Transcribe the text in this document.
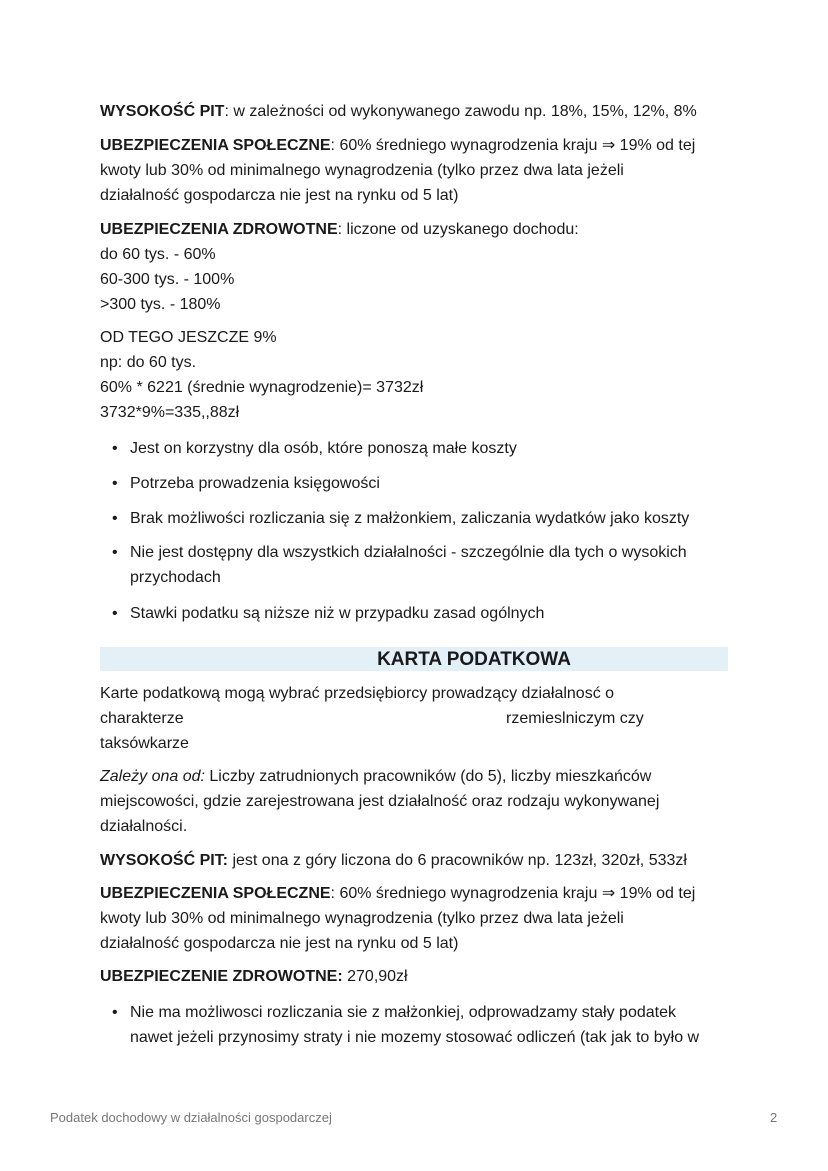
WYSOKOŚĆ PIT: w zależności od wykonywanego zawodu np. 18%, 15%, 12%, 8%
UBEZPIECZENIA SPOŁECZNE: 60% średniego wynagrodzenia kraju ⇒ 19% od tej
kwoty lub 30% od minimalnego wynagrodzenia (tylko przez dwa lata jeżeli
działalność gospodarcza nie jest na rynku od 5 lat)
UBEZPIECZENIA ZDROWOTNE: liczone od uzyskanego dochodu:
do 60 tys. - 60%
60-300 tys. - 100%
>300 tys. - 180%
OD TEGO JESZCZE 9%
np: do 60 tys.
60% * 6221 (średnie wynagrodzenie)= 3732zł
3732*9%=335,,88zł
• Jest on korzystny dla osób, które ponoszą małe koszty
• Potrzeba prowadzenia księgowości
• Brak możliwości rozliczania się z małżonkiem, zaliczania wydatków jako koszty
• Nie jest dostępny dla wszystkich działalności - szczególnie dla tych o wysokich
przychodach
• Stawki podatku są niższe niż w przypadku zasad ogólnych
KARTA PODATKOWA
Karte podatkową mogą wybrać przedsiębiorcy prowadzący działalnosć o
charakterze	rzemieslniczym czy
taksówkarze
Zależy ona od: Liczby zatrudnionych pracowników (do 5), liczby mieszkańców
miejscowości, gdzie zarejestrowana jest działalność oraz rodzaju wykonywanej
działalności.
WYSOKOŚĆ PIT: jest ona z góry liczona do 6 pracowników np. 123zł, 320zł, 533zł
UBEZPIECZENIA SPOŁECZNE: 60% średniego wynagrodzenia kraju ⇒ 19% od tej
kwoty lub 30% od minimalnego wynagrodzenia (tylko przez dwa lata jeżeli
działalność gospodarcza nie jest na rynku od 5 lat)
UBEZPIECZENIE ZDROWOTNE: 270,90zł
• Nie ma możliwosci rozliczania sie z małżonkiej, odprowadzamy stały podatek
nawet jeżeli przynosimy straty i nie mozemy stosować odliczeń (tak jak to było w
Podatek dochodowy w działalności gospodarczej	2
